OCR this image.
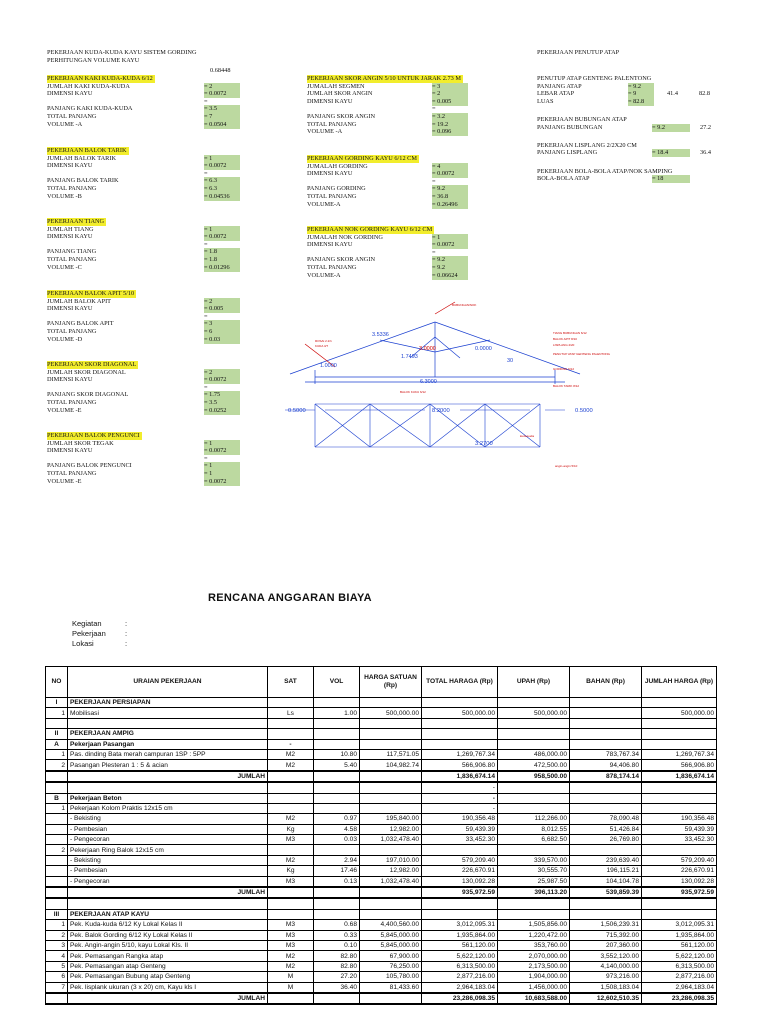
PEKERJAAN KUDA-KUDA KAYU SISTEM GORDING
PERHITUNGAN VOLUME KAYU
0.68448
PEKERJAAN PENUTUP ATAP
PEKERJAAN KAKI KUDA-KUDA 6/12
JUMLAH KAKI KUDA-KUDA	= 2
DIMENSI KAYU	= 0.0072
=
PANJANG KAKI KUDA-KUDA	= 3.5
TOTAL PANJANG	= 7
VOLUME -A	= 0.0504
PEKERJAAN BALOK TARIK
JUMLAH BALOK TARIK	= 1
DIMENSI KAYU	= 0.0072
=
PANJANG BALOK TARIK	= 6.3
TOTAL PANJANG	= 6.3
VOLUME -B	= 0.04536
PEKERJAAN TIANG
JUMLAH TIANG	= 1
DIMENSI KAYU	= 0.0072
=
PANJANG TIANG	= 1.8
TOTAL PANJANG	= 1.8
VOLUME -C	= 0.01296
PEKERJAAN BALOK APIT 5/10
JUMLAH BALOK APIT	= 2
DIMENSI KAYU	= 0.005
=
PANJANG BALOK APIT	= 3
TOTAL PANJANG	= 6
VOLUME -D	= 0.03
PEKERJAAN SKOR DIAGONAL
JUMLAH SKOR DIAGONAL	= 2
DIMENSI KAYU	= 0.0072
=
PANJANG SKOR DIAGONAL	= 1.75
TOTAL PANJANG	= 3.5
VOLUME -E	= 0.0252
PEKERJAAN BALOK PENGUNCI
JUMLAH SKOR TEGAK	= 1
DIMENSI KAYU	= 0.0072
=
PANJANG BALOK PENGUNCI	= 1
TOTAL PANJANG	= 1
VOLUME -E	= 0.0072
PEKERJAAN SKOR ANGIN 5/10 UNTUK JARAK 2.73 M
JUMALAH SEGMEN	= 3
JUMLAH SKOR ANGIN	= 2
DIMENSI KAYU	= 0.005
=
PANJANG SKOR ANGIN	= 3.2
TOTAL PANJANG	= 19.2
VOLUME -A	= 0.096
PEKERJAAN GORDING KAYU 6/12 CM
JUMALAH GORDING	= 4
DIMENSI KAYU	= 0.0072
=
PANJANG GORDING	= 9.2
TOTAL PANJANG	= 36.8
VOLUME-A	= 0.26496
PEKERJAAN NOK GORDING KAYU 6/12 CM
JUMALAH NOK GORDING	= 1
DIMENSI KAYU	= 0.0072
=
PANJANG SKOR ANGIN	= 9.2
TOTAL PANJANG	= 9.2
VOLUME-A	= 0.06624
PENUTUP ATAP GENTENG PALENTONG
PANJANG ATAP	= 9.2
LEBAR ATAP	= 9	41.4	82.8
LUAS	= 82.8
PEKERJAAN BUBUNGAN ATAP
PANJANG BUBUNGAN	= 9.2	27.2
PEKERJAAN LISPLANG 2/2X20 CM
PANJANG LISPLANG	= 18.4	36.4
PEKERJAAN BOLA-BOLA ATAP/NOK SAMPING
BOLA-BOLA ATAP	= 18
3.5336
1.7493
3.0000	0.0000
1.0000
6.3000
30
BUBUNGAN/NOK
TIANG BUBUNGAN 6/12
BALOK APIT 8/10
LISPLANG 2/20
PENUTUP ATAP GENTENG PALENTONG
GORDING 6/12
BALOK TARIK 8/12
BALOK KUKU 6/12
ROSAI 2.2/1
KUDA 3/7
0.5000	8.2000	0.5000
3.2700
kuda-kuda
angin-angin 5/10
RENCANA ANGGARAN BIAYA
Kegiatan	:
Pekerjaan	:
Lokasi	:
NO	URAIAN PEKERJAAN	SAT	VOL	HARGA SATUAN (Rp)	TOTAL HARAGA (Rp)	UPAH (Rp)	BAHAN (Rp)	JUMLAH HARGA (Rp)
I	PEKERJAAN PERSIAPAN							
1	Mobilisasi	Ls	1.00	500,000.00	500,000.00	500,000.00		500,000.00

II	PEKERJAAN AMPIG							
A	Pekerjaan Pasangan	-						
1	Pas. dinding Bata merah campuran 1SP : 5PP	M2	10.80	117,571.05	1,269,767.34	486,000.00	783,767.34	1,269,767.34
2	Pasangan Plesteran 1 : 5 & acian	M2	5.40	104,982.74	566,906.80	472,500.00	94,406.80	566,906.80
	JUMLAH				1,836,674.14	958,500.00	878,174.14	1,836,674.14
					-			
B	Pekerjaan Beton				-			
1	Pekerjaan Kolom Praktis 12x15 cm				-			
	- Bekisting	M2	0.97	195,840.00	190,356.48	112,266.00	78,090.48	190,356.48
	- Pembesian	Kg	4.58	12,982.00	59,439.39	8,012.55	51,426.84	59,439.39
	- Pengecoran	M3	0.03	1,032,478.40	33,452.30	6,682.50	26,769.80	33,452.30
2	Pekerjaan Ring Balok 12x15 cm							
	- Bekisting	M2	2.94	197,010.00	579,209.40	339,570.00	239,639.40	579,209.40
	- Pembesian	Kg	17.46	12,982.00	226,670.91	30,555.70	196,115.21	226,670.91
	- Pengecoran	M3	0.13	1,032,478.40	130,092.28	25,987.50	104,104.78	130,092.28
	JUMLAH				935,972.59	396,113.20	539,859.39	935,972.59

III	PEKERJAAN ATAP KAYU							
1	Pek. Kuda-kuda 6/12 Ky Lokal Kelas II	M3	0.68	4,400,560.00	3,012,095.31	1,505,856.00	1,506,239.31	3,012,095.31
2	Pek. Balok Gording 6/12 Ky Lokal Kelas II	M3	0.33	5,845,000.00	1,935,864.00	1,220,472.00	715,392.00	1,935,864.00
3	Pek. Angin-angin 5/10, kayu Lokal Kls. II	M3	0.10	5,845,000.00	561,120.00	353,760.00	207,360.00	561,120.00
4	Pek. Pemasangan Rangka atap	M2	82.80	67,900.00	5,622,120.00	2,070,000.00	3,552,120.00	5,622,120.00
5	Pek. Pemasangan atap Genteng	M2	82.80	76,250.00	6,313,500.00	2,173,500.00	4,140,000.00	6,313,500.00
6	Pek. Pemasangan Bubung atap Genteng	M	27.20	105,780.00	2,877,216.00	1,904,000.00	973,216.00	2,877,216.00
7	Pek. lisplank ukuran (3 x 20) cm, Kayu kls I	M	36.40	81,433.60	2,964,183.04	1,456,000.00	1,508,183.04	2,964,183.04
	JUMLAH				23,286,098.35	10,683,588.00	12,602,510.35	23,286,098.35
